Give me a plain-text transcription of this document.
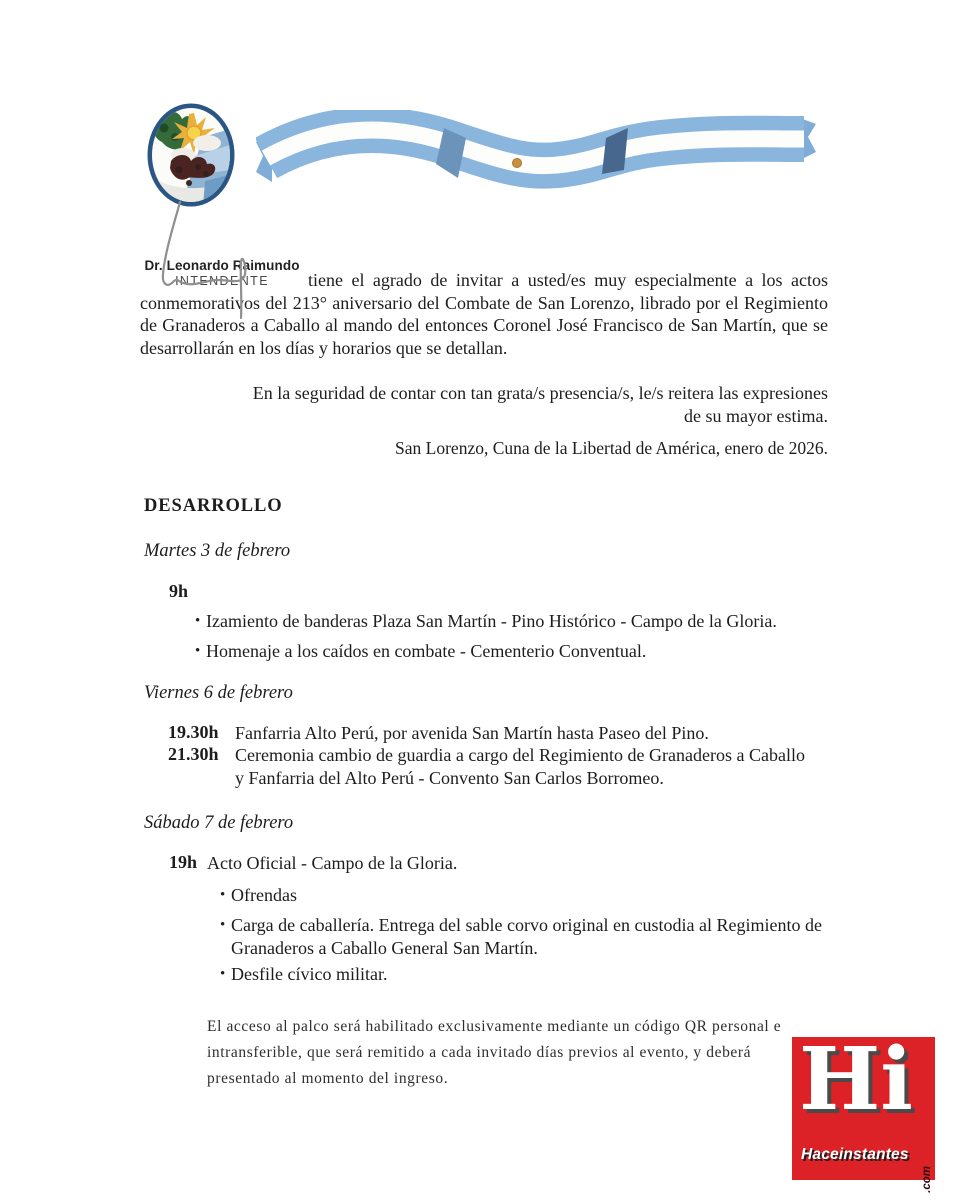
Dr. Leonardo Raimundo
INTENDENTE	tiene el agrado de invitar a usted/es muy especialmente a los actos conmemorativos del 213° aniversario del Combate de San Lorenzo, librado por el Regimiento de Granaderos a Caballo al mando del entonces Coronel José Francisco de San Martín, que se desarrollarán en los días y horarios que se detallan.
En la seguridad de contar con tan grata/s presencia/s, le/s reitera las expresiones de su mayor estima.
San Lorenzo, Cuna de la Libertad de América, enero de 2026.
DESARROLLO
Martes 3 de febrero
9h
• Izamiento de banderas Plaza San Martín - Pino Histórico - Campo de la Gloria.
• Homenaje a los caídos en combate - Cementerio Conventual.
Viernes 6 de febrero
19.30h Fanfarria Alto Perú, por avenida San Martín hasta Paseo del Pino.
21.30h Ceremonia cambio de guardia a cargo del Regimiento de Granaderos a Caballo
y Fanfarria del Alto Perú - Convento San Carlos Borromeo.
Sábado 7 de febrero
19h Acto Oficial - Campo de la Gloria.
• Ofrendas
• Carga de caballería. Entrega del sable corvo original en custodia al Regimiento de
Granaderos a Caballo General San Martín.
• Desfile cívico militar.
El acceso al palco será habilitado exclusivamente mediante un código QR personal e
intransferible, que será remitido a cada invitado días previos al evento, y deberá
presentado al momento del ingreso.	Hi
Haceinstantes
.com
